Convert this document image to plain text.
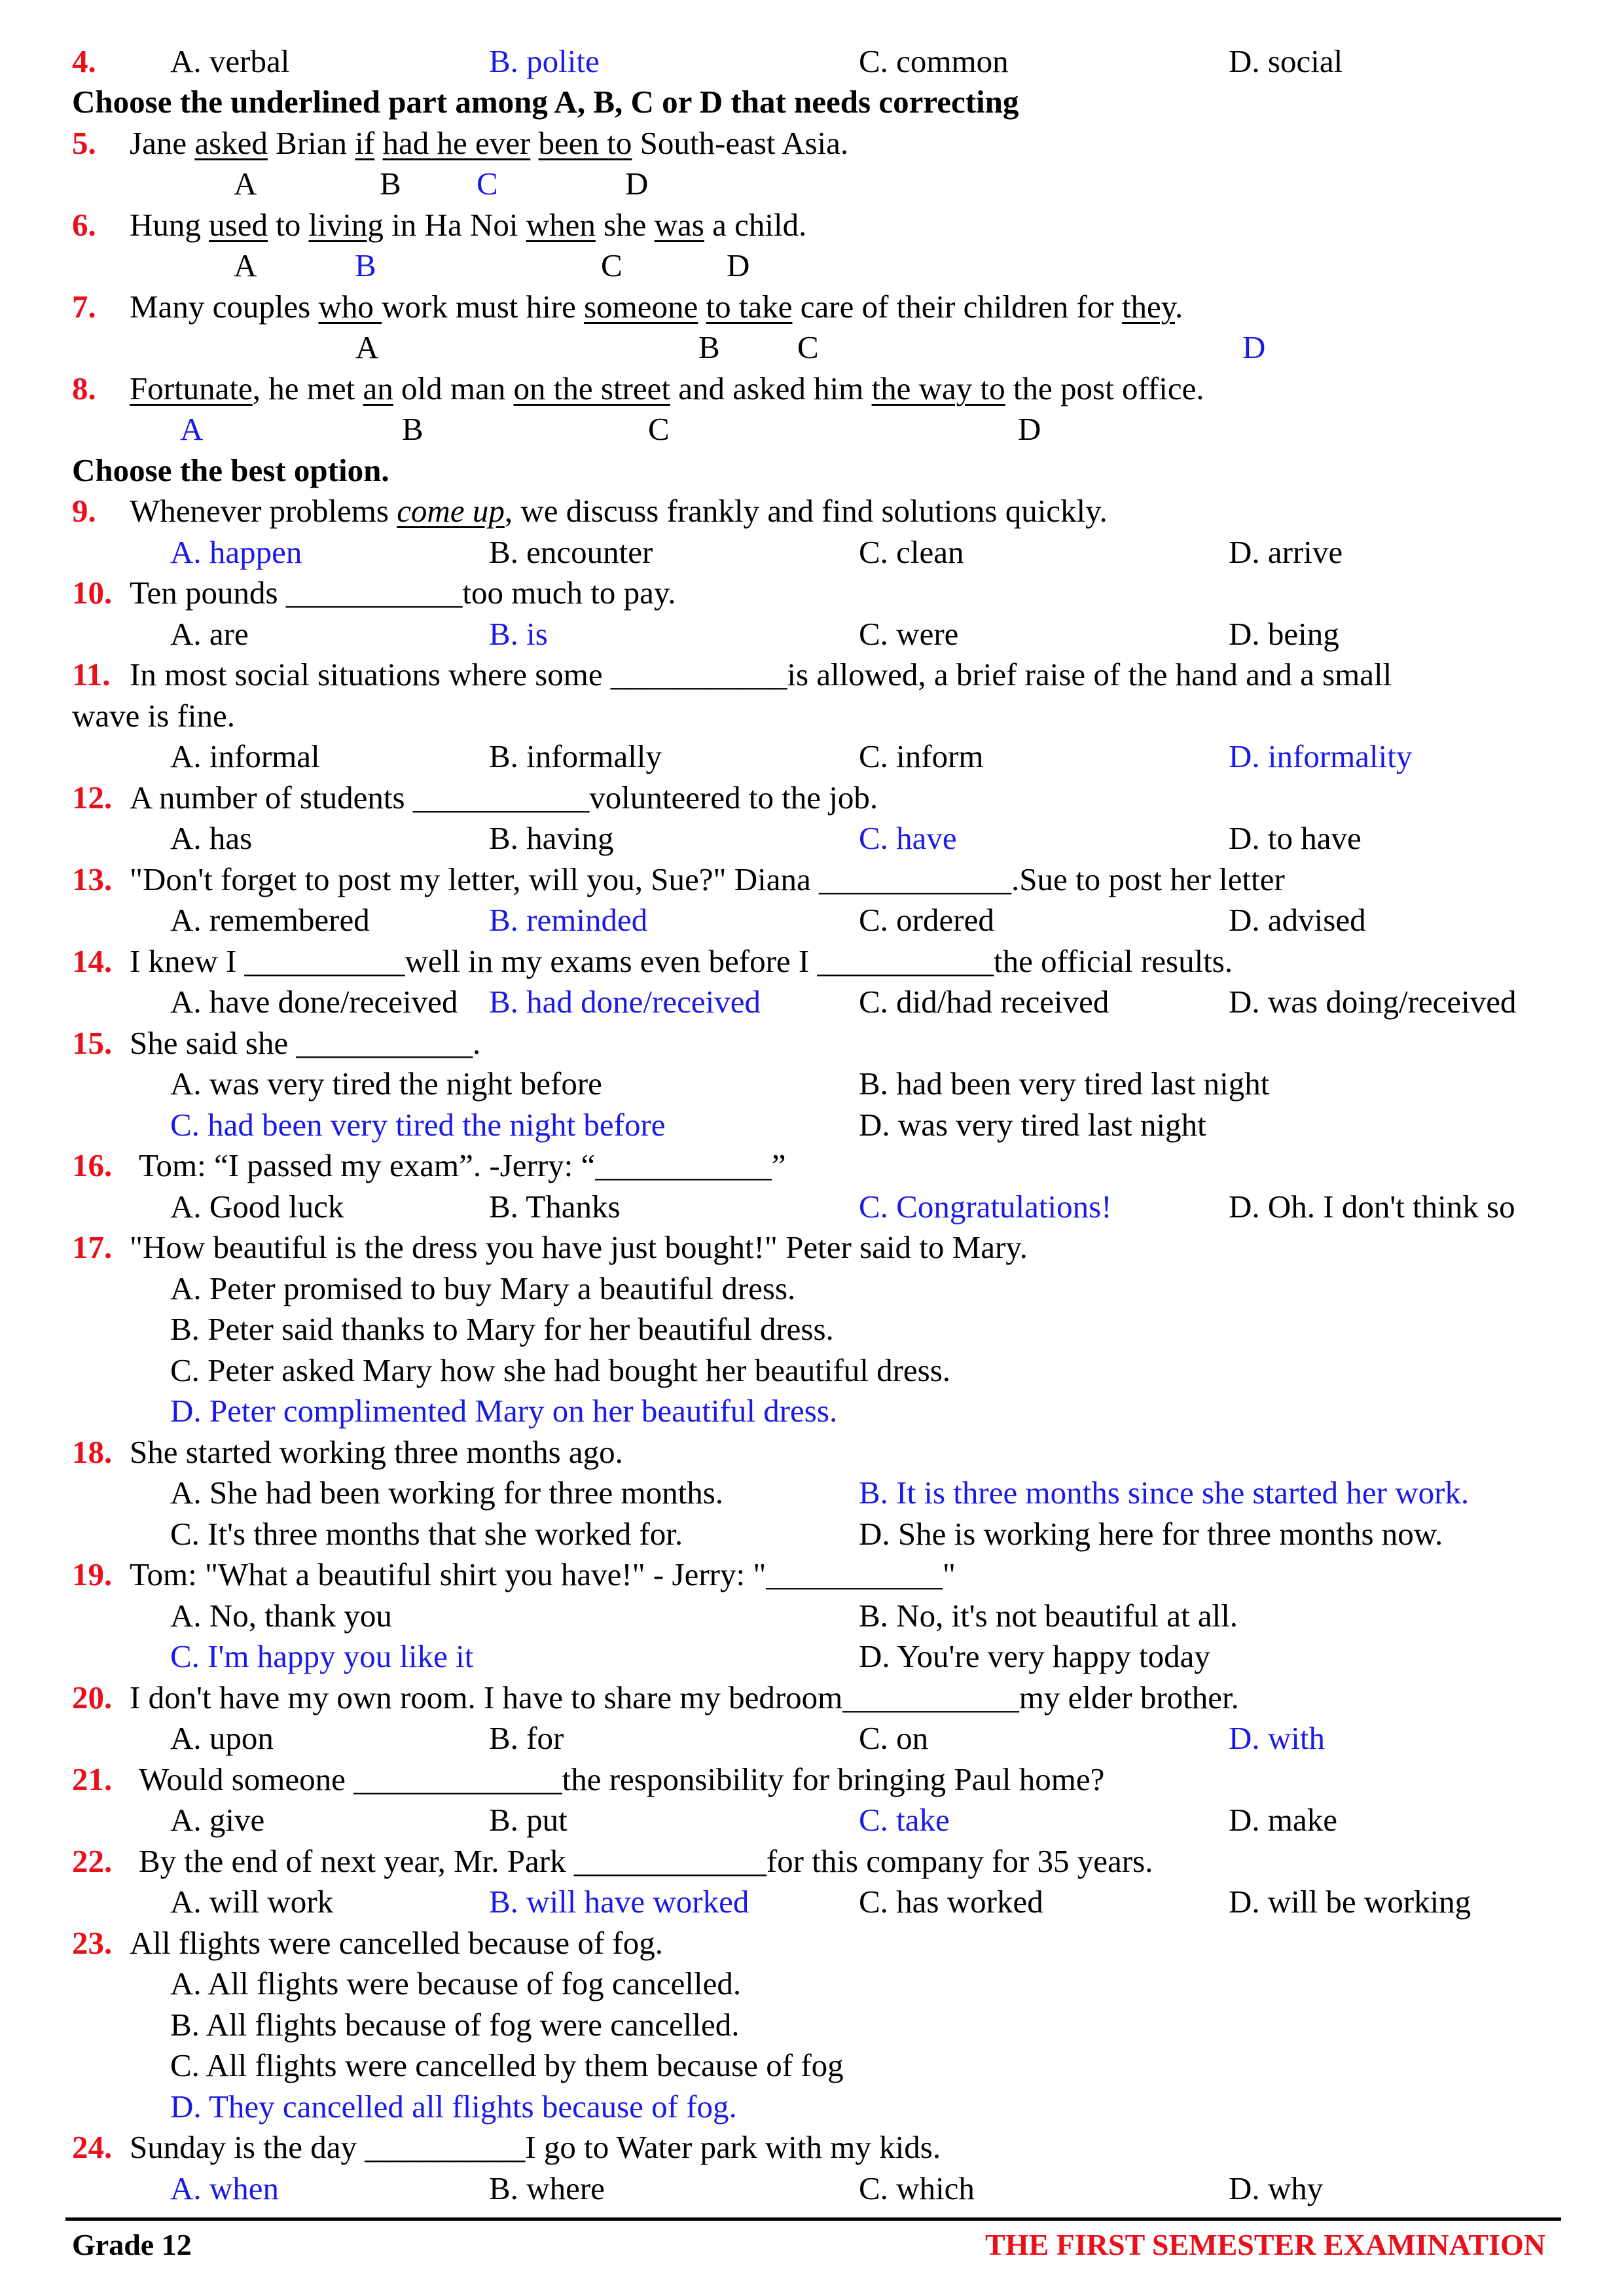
4. A. verbal	B. polite	C. common	D. social
Choose the underlined part among A, B, C or D that needs correcting
5. Jane asked Brian if had he ever been to South-east Asia.
A	B C	D
6. Hung used to living in Ha Noi when she was a child.
A	B	C	D
7. Many couples who work must hire someone to take care of their children for they.
A	B C	D
8. Fortunate, he met an old man on the street and asked him the way to the post office.
A	B	C	D
Choose the best option.
9. Whenever problems come up, we discuss frankly and find solutions quickly.
A. happen	B. encounter	C. clean	D. arrive
10. Ten pounds ___________too much to pay.
A. are	B. is	C. were	D. being
11. In most social situations where some ___________is allowed, a brief raise of the hand and a small
wave is fine.
A. informal	B. informally	C. inform	D. informality
12. A number of students ___________volunteered to the job.
A. has	B. having	C. have	D. to have
13. "Don't forget to post my letter, will you, Sue?" Diana ____________.Sue to post her letter
A. remembered	B. reminded	C. ordered	D. advised
14. I knew I __________well in my exams even before I ___________the official results.
A. have done/received B. had done/received	C. did/had received	D. was doing/received
15. She said she ___________.
A. was very tired the night before	B. had been very tired last night
C. had been very tired the night before	D. was very tired last night
16. Tom: “I passed my exam”. -Jerry: “___________”
A. Good luck	B. Thanks	C. Congratulations!	D. Oh. I don't think so
17. "How beautiful is the dress you have just bought!" Peter said to Mary.
A. Peter promised to buy Mary a beautiful dress.
B. Peter said thanks to Mary for her beautiful dress.
C. Peter asked Mary how she had bought her beautiful dress.
D. Peter complimented Mary on her beautiful dress.
18. She started working three months ago.
A. She had been working for three months.	B. It is three months since she started her work.
C. It's three months that she worked for.	D. She is working here for three months now.
19. Tom: "What a beautiful shirt you have!" - Jerry: "___________"
A. No, thank you	B. No, it's not beautiful at all.
C. I'm happy you like it	D. You're very happy today
20. I don't have my own room. I have to share my bedroom___________my elder brother.
A. upon	B. for	C. on	D. with
21. Would someone _____________the responsibility for bringing Paul home?
A. give	B. put	C. take	D. make
22. By the end of next year, Mr. Park ____________for this company for 35 years.
A. will work	B. will have worked	C. has worked	D. will be working
23. All flights were cancelled because of fog.
A. All flights were because of fog cancelled.
B. All flights because of fog were cancelled.
C. All flights were cancelled by them because of fog
D. They cancelled all flights because of fog.
24. Sunday is the day __________I go to Water park with my kids.
A. when	B. where	C. which	D. why
Grade 12	THE FIRST SEMESTER EXAMINATION
